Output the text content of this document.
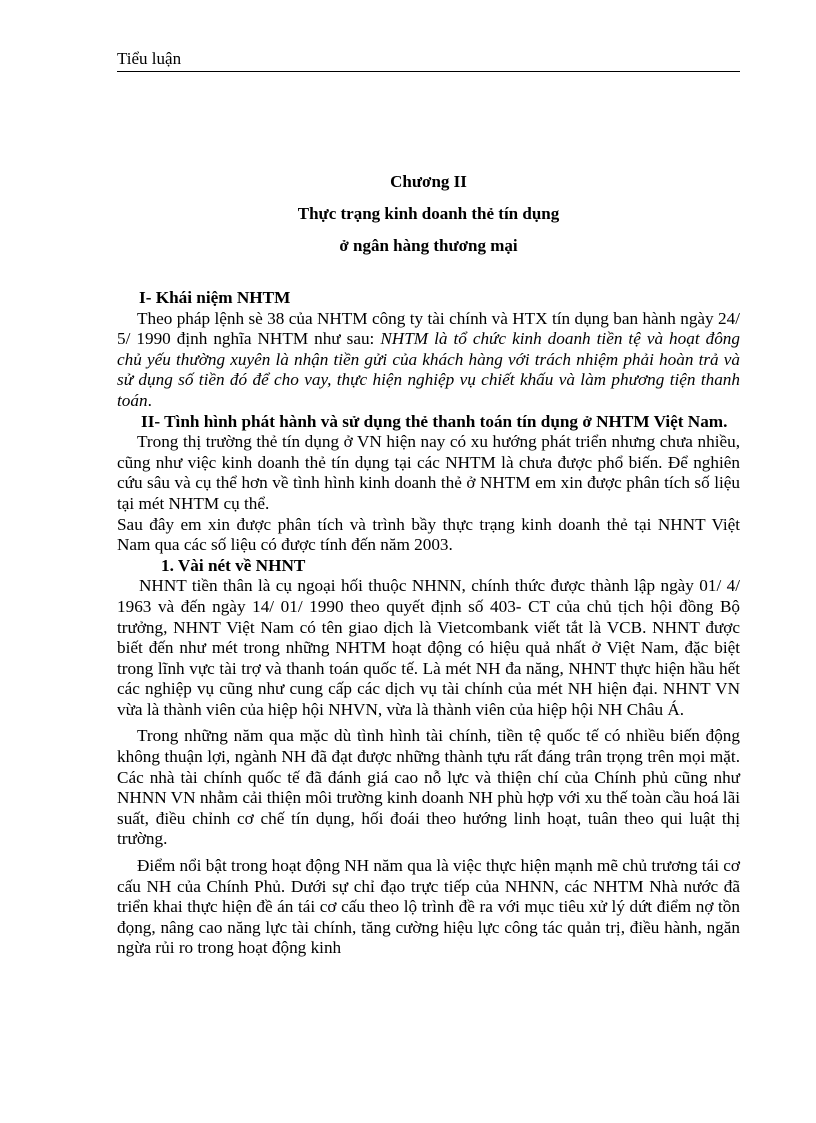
Tiểu luận
Chương II
Thực trạng kinh doanh thẻ tín dụng
ở ngân hàng thương mại

I- Khái niệm NHTM

Theo pháp lệnh sè 38 của NHTM công ty tài chính và HTX tín dụng ban hành ngày 24/ 5/ 1990 định nghĩa NHTM như sau: NHTM là tổ chức kinh doanh tiền tệ và hoạt đông chủ yếu thường xuyên là nhận tiền gửi của khách hàng với trách nhiệm phải hoàn trả và sử dụng số tiền đó để cho vay, thực hiện nghiệp vụ chiết khấu và làm phương tiện thanh toán.

II- Tình hình phát hành và sử dụng thẻ thanh toán tín dụng ở NHTM Việt Nam.

Trong thị trường thẻ tín dụng ở VN hiện nay có xu hướng phát triển nhưng chưa nhiều, cũng như việc kinh doanh thẻ tín dụng tại các NHTM là chưa được phổ biến. Để nghiên cứu sâu và cụ thể hơn về tình hình kinh doanh thẻ ở NHTM em xin được phân tích số liệu tại mét NHTM cụ thể.

Sau đây em xin được phân tích và trình bầy thực trạng kinh doanh thẻ tại NHNT Việt Nam qua các số liệu có được tính đến năm 2003.

1. Vài nét về NHNT

NHNT tiền thân là cụ ngoại hối thuộc NHNN, chính thức được thành lập ngày 01/ 4/ 1963 và đến ngày 14/ 01/ 1990 theo quyết định số 403- CT của chủ tịch hội đồng Bộ trưởng, NHNT Việt Nam có tên giao dịch là Vietcombank viết tắt là VCB. NHNT được biết đến như mét trong những NHTM hoạt động có hiệu quả nhất ở Việt Nam, đặc biệt trong lĩnh vực tài trợ và thanh toán quốc tế. Là mét NH đa năng, NHNT thực hiện hầu hết các nghiệp vụ cũng như cung cấp các dịch vụ tài chính của mét NH hiện đại. NHNT VN vừa là thành viên của hiệp hội NHVN, vừa là thành viên của hiệp hội NH Châu Á.

Trong những năm qua mặc dù tình hình tài chính, tiền tệ quốc tế có nhiều biến động không thuận lợi, ngành NH đã đạt được những thành tựu rất đáng trân trọng trên mọi mặt. Các nhà tài chính quốc tế đã đánh giá cao nỗ lực và thiện chí của Chính phủ cũng như NHNN VN nhằm cải thiện môi trường kinh doanh NH phù hợp với xu thế toàn cầu hoá lãi suất, điều chỉnh cơ chế tín dụng, hối đoái theo hướng linh hoạt, tuân theo qui luật thị trường.

Điểm nổi bật trong hoạt động NH năm qua là việc thực hiện mạnh mẽ chủ trương tái cơ cấu NH của Chính Phủ. Dưới sự chỉ đạo trực tiếp của NHNN, các NHTM Nhà nước đã triển khai thực hiện đề án tái cơ cấu theo lộ trình đề ra với mục tiêu xử lý dứt điểm nợ tồn đọng, nâng cao năng lực tài chính, tăng cường hiệu lực công tác quản trị, điều hành, ngăn ngừa rủi ro trong hoạt động kinh
